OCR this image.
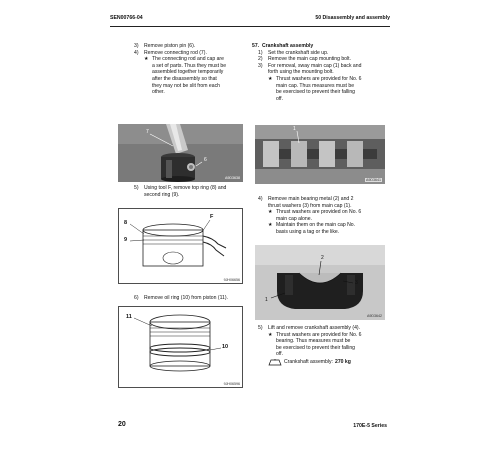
SEN00766-04	50 Disassembly and assembly
3)	Remove piston pin (6).
4)	Remove connecting rod (7).
★ The connecting rod and cap are

a set of parts. Thus they must be

assembled together temporarily

after the disassembly so that

they may not be slit from each

other.

7
6
A9D3638
5)	Using tool F, remove top ring (8) and

second ring (9).

F
8
9
9JH06656
6)	Remove oil ring (10) from piston (11).
11
10
9JH06596
57. Crankshaft assembly
1)	Set the crankshaft side up.
2)	Remove the main cap mounting bolt.
3)	For removal, sway main cap (1) back and

forth using the mounting bolt.

★ Thrust washers are provided for No. 6

main cap. Thus measures must be

be exercised to prevent their falling

off.

1
A9D3641
4)	Remove main bearing metal (2) and 2

thrust washers (3) from main cap (1).

★ Thrust washers are provided on No. 6

main cap alone.

★ Maintain them on the main cap No.

basis using a tag or the like.

2
3
1
A9D3642
5)	Lift and remove crankshaft assembly (4).
★ Thrust washers are provided for No. 6

bearing. Thus measures must be

be exercised to prevent their falling

off.

Crankshaft assembly: 270 kg
20	170E-5 Series
